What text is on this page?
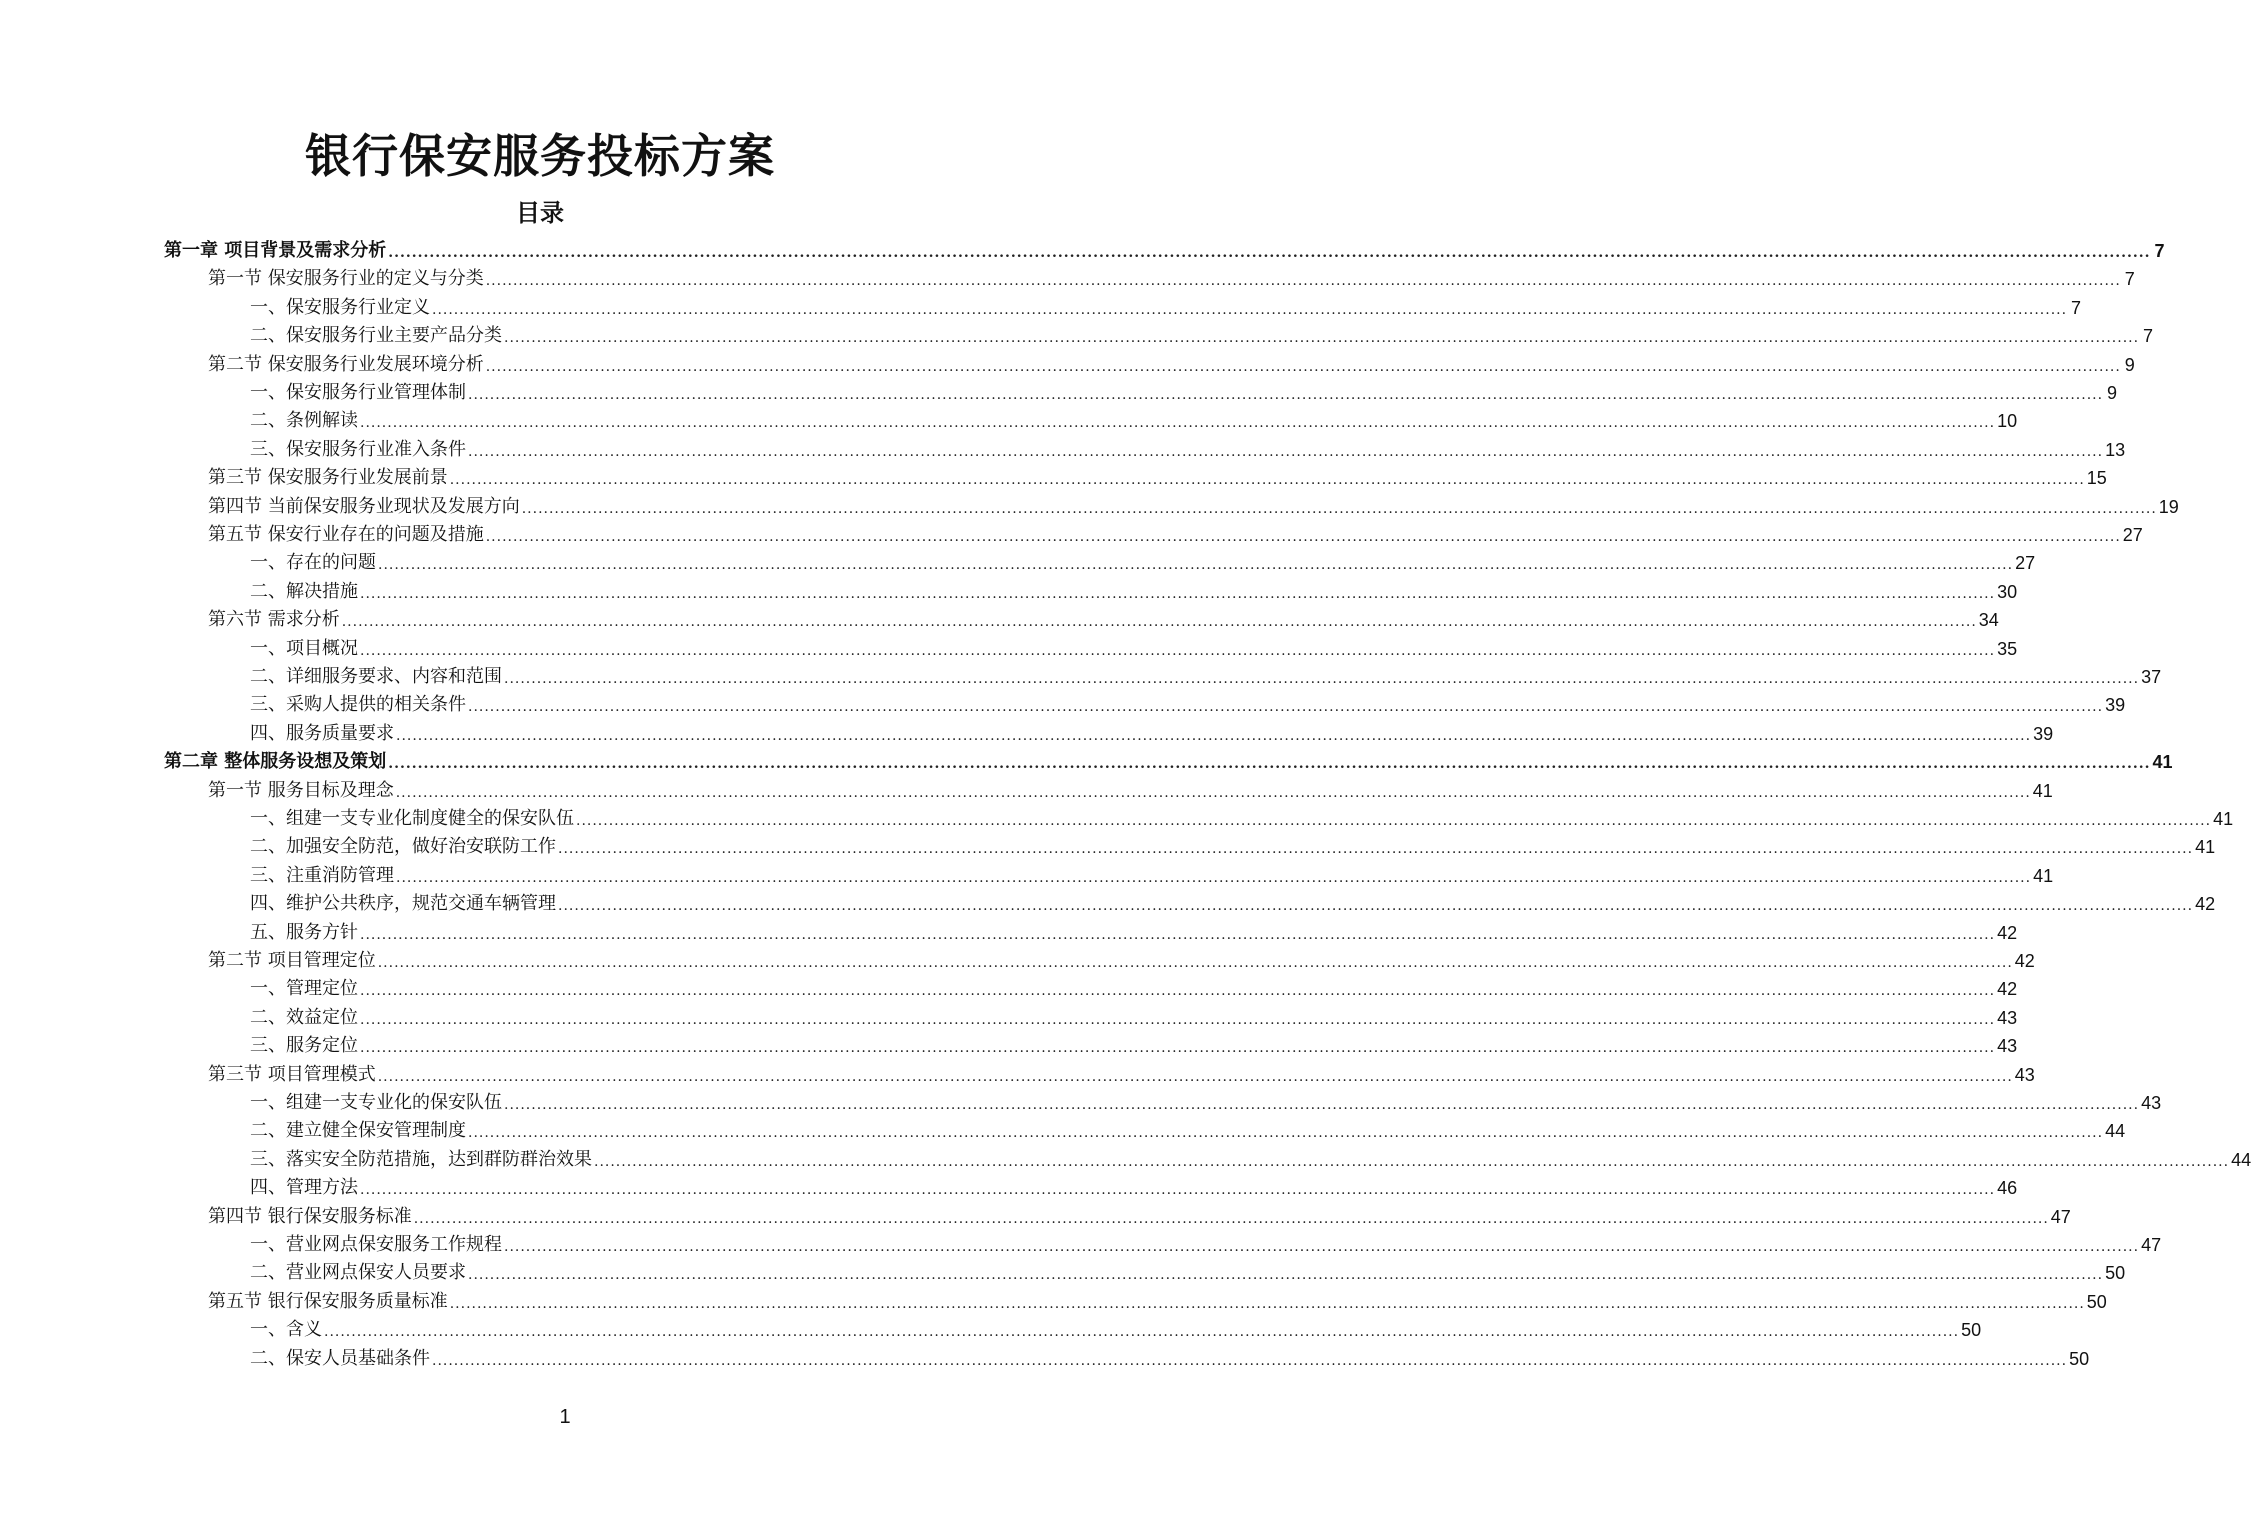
银行保安服务投标方案
目录
第一章 项目背景及需求分析 ............................................................................................................................................................................................................................................................................................................ 7
第一节 保安服务行业的定义与分类 ............................................................................................................................................................................................................................................................................................................ 7
一、保安服务行业定义 ............................................................................................................................................................................................................................................................................................................ 7
二、保安服务行业主要产品分类 ............................................................................................................................................................................................................................................................................................................ 7
第二节 保安服务行业发展环境分析 ............................................................................................................................................................................................................................................................................................................ 9
一、保安服务行业管理体制 ............................................................................................................................................................................................................................................................................................................ 9
二、条例解读 ............................................................................................................................................................................................................................................................................................................ 10
三、保安服务行业准入条件 ............................................................................................................................................................................................................................................................................................................ 13
第三节 保安服务行业发展前景 ............................................................................................................................................................................................................................................................................................................ 15
第四节 当前保安服务业现状及发展方向 ............................................................................................................................................................................................................................................................................................................ 19
第五节 保安行业存在的问题及措施 ............................................................................................................................................................................................................................................................................................................ 27
一、存在的问题 ............................................................................................................................................................................................................................................................................................................ 27
二、解决措施 ............................................................................................................................................................................................................................................................................................................ 30
第六节 需求分析 ............................................................................................................................................................................................................................................................................................................ 34
一、项目概况 ............................................................................................................................................................................................................................................................................................................ 35
二、详细服务要求、内容和范围 ............................................................................................................................................................................................................................................................................................................ 37
三、采购人提供的相关条件 ............................................................................................................................................................................................................................................................................................................ 39
四、服务质量要求 ............................................................................................................................................................................................................................................................................................................ 39
第二章 整体服务设想及策划 ............................................................................................................................................................................................................................................................................................................ 41
第一节 服务目标及理念 ............................................................................................................................................................................................................................................................................................................ 41
一、组建一支专业化制度健全的保安队伍 ............................................................................................................................................................................................................................................................................................................ 41
二、加强安全防范，做好治安联防工作 ............................................................................................................................................................................................................................................................................................................ 41
三、注重消防管理 ............................................................................................................................................................................................................................................................................................................ 41
四、维护公共秩序，规范交通车辆管理 ............................................................................................................................................................................................................................................................................................................ 42
五、服务方针 ............................................................................................................................................................................................................................................................................................................ 42
第二节 项目管理定位 ............................................................................................................................................................................................................................................................................................................ 42
一、管理定位 ............................................................................................................................................................................................................................................................................................................ 42
二、效益定位 ............................................................................................................................................................................................................................................................................................................ 43
三、服务定位 ............................................................................................................................................................................................................................................................................................................ 43
第三节 项目管理模式 ............................................................................................................................................................................................................................................................................................................ 43
一、组建一支专业化的保安队伍 ............................................................................................................................................................................................................................................................................................................ 43
二、建立健全保安管理制度 ............................................................................................................................................................................................................................................................................................................ 44
三、落实安全防范措施，达到群防群治效果 ............................................................................................................................................................................................................................................................................................................ 44
四、管理方法 ............................................................................................................................................................................................................................................................................................................ 46
第四节 银行保安服务标准 ............................................................................................................................................................................................................................................................................................................ 47
一、营业网点保安服务工作规程 ............................................................................................................................................................................................................................................................................................................ 47
二、营业网点保安人员要求 ............................................................................................................................................................................................................................................................................................................ 50
第五节 银行保安服务质量标准 ............................................................................................................................................................................................................................................................................................................ 50
一、含义 ............................................................................................................................................................................................................................................................................................................ 50
二、保安人员基础条件 ............................................................................................................................................................................................................................................................................................................ 50
1
